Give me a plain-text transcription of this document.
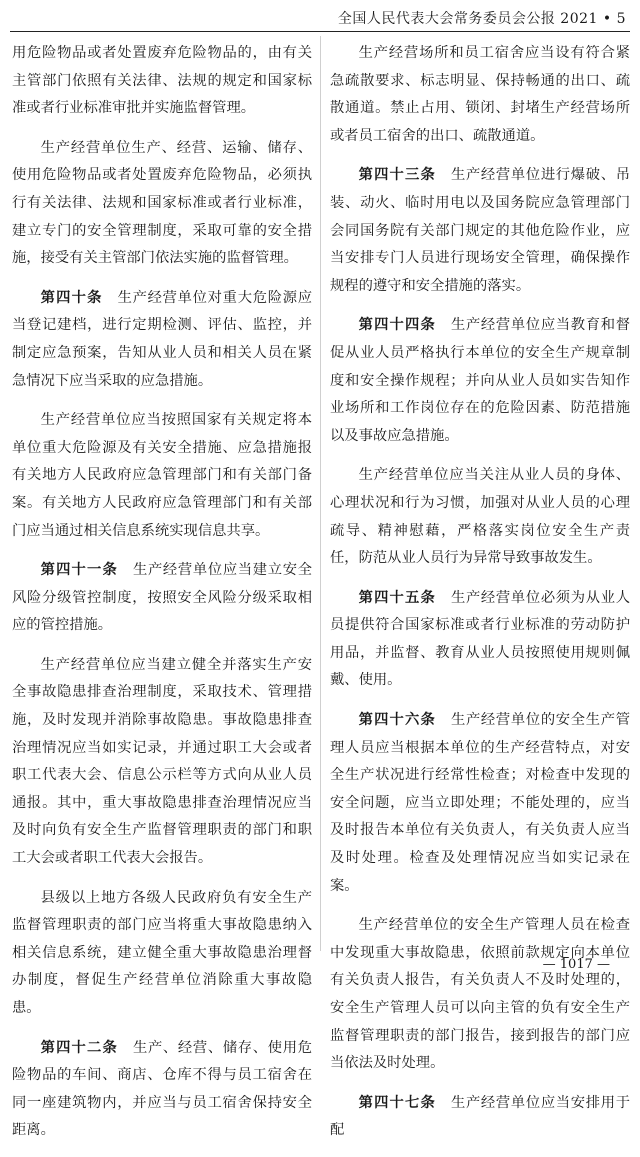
全国人民代表大会常务委员会公报 2021 • 5

用危险物品或者处置废弃危险物品的，由有关主管部门依照有关法律、法规的规定和国家标准或者行业标准审批并实施监督管理。

生产经营单位生产、经营、运输、储存、使用危险物品或者处置废弃危险物品，必须执行有关法律、法规和国家标准或者行业标准，建立专门的安全管理制度，采取可靠的安全措施，接受有关主管部门依法实施的监督管理。

第四十条　 生产经营单位对重大危险源应当登记建档，进行定期检测、评估、监控，并制定应急预案，告知从业人员和相关人员在紧急情况下应当采取的应急措施。

生产经营单位应当按照国家有关规定将本单位重大危险源及有关安全措施、应急措施报有关地方人民政府应急管理部门和有关部门备案。有关地方人民政府应急管理部门和有关部门应当通过相关信息系统实现信息共享。

第四十一条　 生产经营单位应当建立安全风险分级管控制度，按照安全风险分级采取相应的管控措施。

生产经营单位应当建立健全并落实生产安全事故隐患排查治理制度，采取技术、管理措施，及时发现并消除事故隐患。事故隐患排查治理情况应当如实记录，并通过职工大会或者职工代表大会、信息公示栏等方式向从业人员通报。其中，重大事故隐患排查治理情况应当及时向负有安全生产监督管理职责的部门和职工大会或者职工代表大会报告。

县级以上地方各级人民政府负有安全生产监督管理职责的部门应当将重大事故隐患纳入相关信息系统，建立健全重大事故隐患治理督办制度，督促生产经营单位消除重大事故隐患。

第四十二条　 生产、经营、储存、使用危险物品的车间、商店、仓库不得与员工宿舍在同一座建筑物内，并应当与员工宿舍保持安全距离。

生产经营场所和员工宿舍应当设有符合紧急疏散要求、标志明显、保持畅通的出口、疏散通道。禁止占用、锁闭、封堵生产经营场所或者员工宿舍的出口、疏散通道。

第四十三条　 生产经营单位进行爆破、吊装、动火、临时用电以及国务院应急管理部门会同国务院有关部门规定的其他危险作业，应当安排专门人员进行现场安全管理，确保操作规程的遵守和安全措施的落实。

第四十四条　 生产经营单位应当教育和督促从业人员严格执行本单位的安全生产规章制度和安全操作规程；并向从业人员如实告知作业场所和工作岗位存在的危险因素、防范措施以及事故应急措施。

生产经营单位应当关注从业人员的身体、心理状况和行为习惯，加强对从业人员的心理疏导、精神慰藉，严格落实岗位安全生产责任，防范从业人员行为异常导致事故发生。

第四十五条　 生产经营单位必须为从业人员提供符合国家标准或者行业标准的劳动防护用品，并监督、教育从业人员按照使用规则佩戴、使用。

第四十六条　 生产经营单位的安全生产管理人员应当根据本单位的生产经营特点，对安全生产状况进行经常性检查；对检查中发现的安全问题，应当立即处理；不能处理的，应当及时报告本单位有关负责人，有关负责人应当及时处理。检查及处理情况应当如实记录在案。

生产经营单位的安全生产管理人员在检查中发现重大事故隐患，依照前款规定向本单位有关负责人报告，有关负责人不及时处理的，安全生产管理人员可以向主管的负有安全生产监督管理职责的部门报告，接到报告的部门应当依法及时处理。

第四十七条　 生产经营单位应当安排用于配

— 1017 —
